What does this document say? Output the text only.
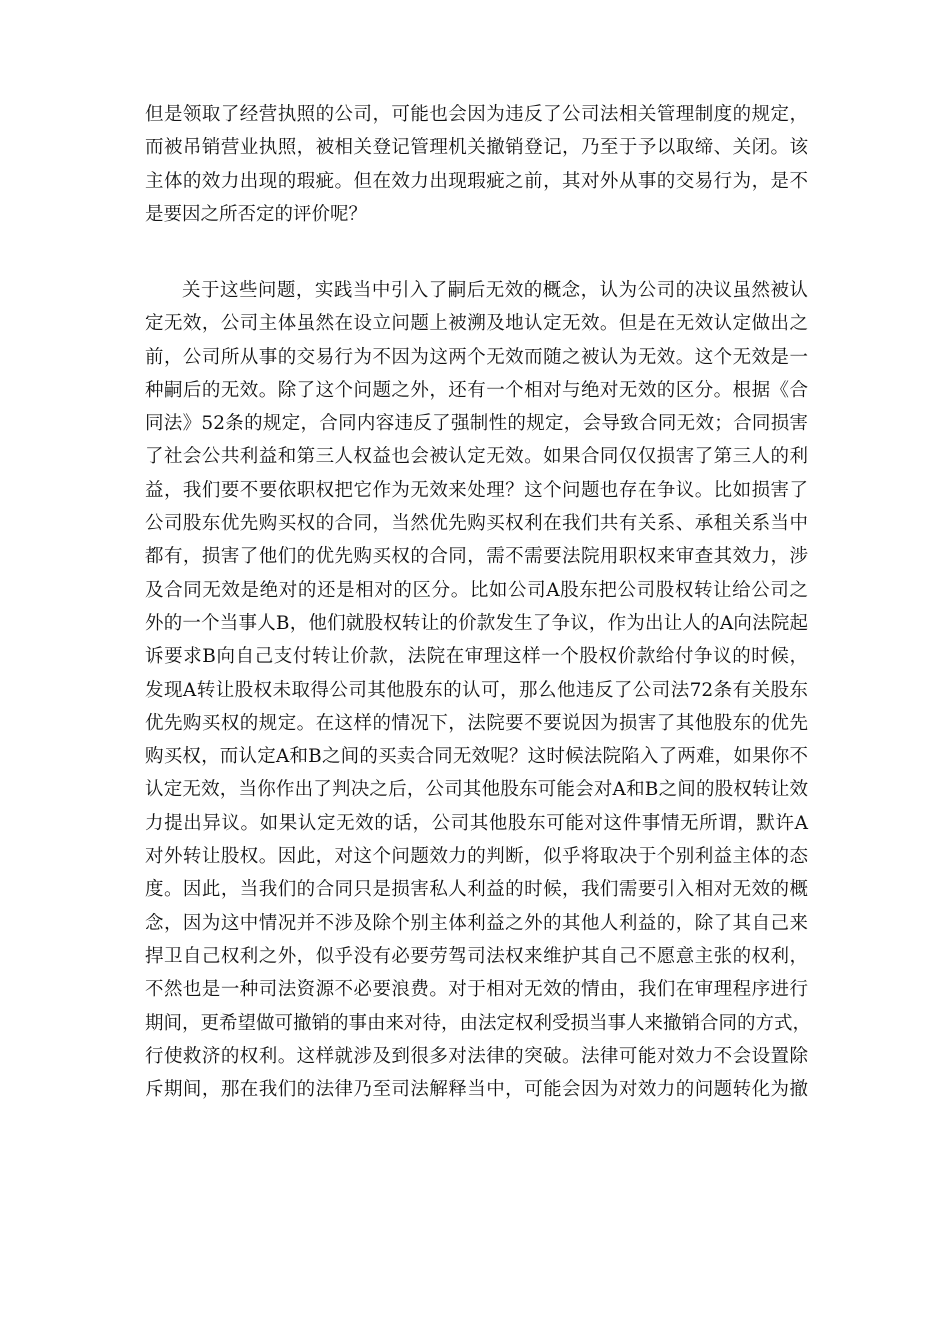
但是领取了经营执照的公司，可能也会因为违反了公司法相关管理制度的规定，
而被吊销营业执照，被相关登记管理机关撤销登记，乃至于予以取缔、关闭。该
主体的效力出现的瑕疵。但在效力出现瑕疵之前，其对外从事的交易行为，是不
是要因之所否定的评价呢？
关于这些问题，实践当中引入了嗣后无效的概念，认为公司的决议虽然被认
定无效，公司主体虽然在设立问题上被溯及地认定无效。但是在无效认定做出之
前，公司所从事的交易行为不因为这两个无效而随之被认为无效。这个无效是一
种嗣后的无效。除了这个问题之外，还有一个相对与绝对无效的区分。根据《合
同法》52条的规定，合同内容违反了强制性的规定，会导致合同无效；合同损害
了社会公共利益和第三人权益也会被认定无效。如果合同仅仅损害了第三人的利
益，我们要不要依职权把它作为无效来处理？这个问题也存在争议。比如损害了
公司股东优先购买权的合同，当然优先购买权利在我们共有关系、承租关系当中
都有，损害了他们的优先购买权的合同，需不需要法院用职权来审查其效力，涉
及合同无效是绝对的还是相对的区分。比如公司A股东把公司股权转让给公司之
外的一个当事人B，他们就股权转让的价款发生了争议，作为出让人的A向法院起
诉要求B向自己支付转让价款，法院在审理这样一个股权价款给付争议的时候，
发现A转让股权未取得公司其他股东的认可，那么他违反了公司法72条有关股东
优先购买权的规定。在这样的情况下，法院要不要说因为损害了其他股东的优先
购买权，而认定A和B之间的买卖合同无效呢？这时候法院陷入了两难，如果你不
认定无效，当你作出了判决之后，公司其他股东可能会对A和B之间的股权转让效
力提出异议。如果认定无效的话，公司其他股东可能对这件事情无所谓，默许A
对外转让股权。因此，对这个问题效力的判断，似乎将取决于个别利益主体的态
度。因此，当我们的合同只是损害私人利益的时候，我们需要引入相对无效的概
念，因为这中情况并不涉及除个别主体利益之外的其他人利益的，除了其自己来
捍卫自己权利之外，似乎没有必要劳驾司法权来维护其自己不愿意主张的权利，
不然也是一种司法资源不必要浪费。对于相对无效的情由，我们在审理程序进行
期间，更希望做可撤销的事由来对待，由法定权利受损当事人来撤销合同的方式，
行使救济的权利。这样就涉及到很多对法律的突破。法律可能对效力不会设置除
斥期间，那在我们的法律乃至司法解释当中，可能会因为对效力的问题转化为撤
